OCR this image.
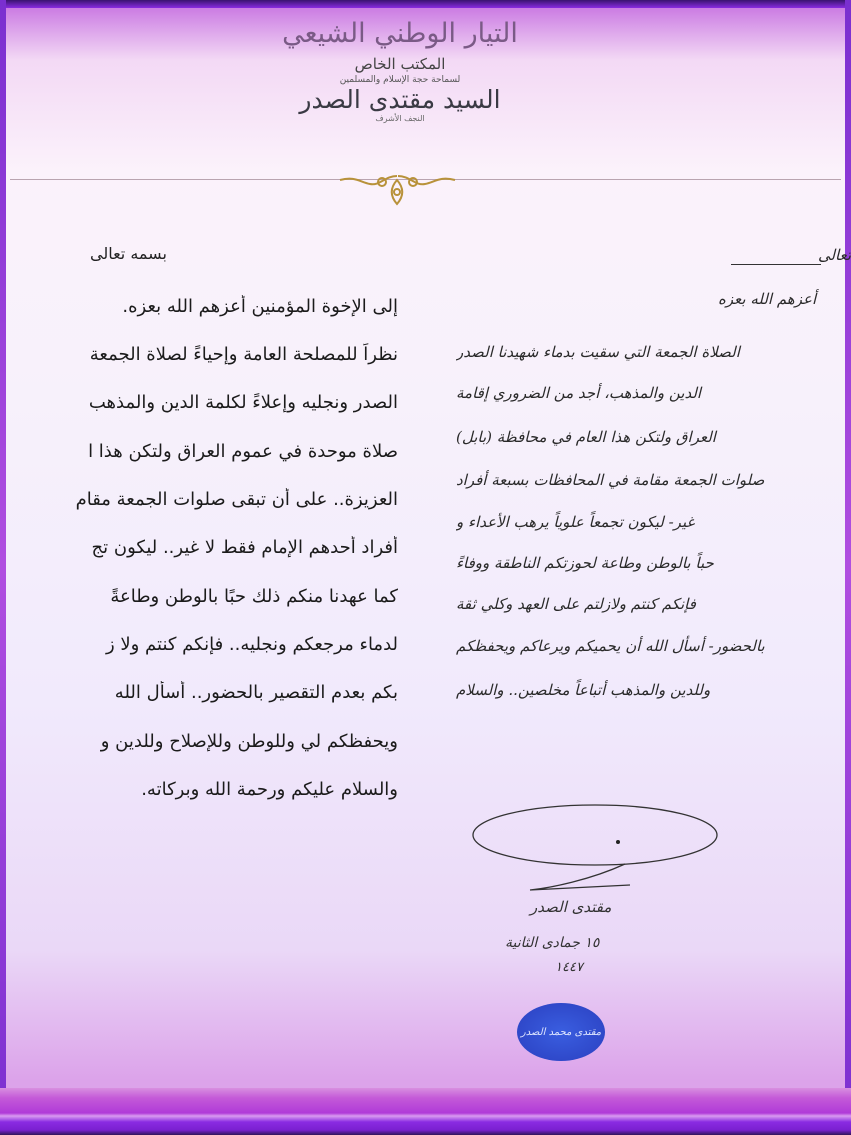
التيار الوطني الشيعي
المكتب الخاص
لسماحة حجة الإسلام والمسلمين
السيد مقتدى الصدر
النجف الأشرف
بسمه تعالى
إلى الإخوة المؤمنين أعزهم الله بعزه.
نظراً للمصلحة العامة وإحياءً لصلاة الجمعة
الصدر ونجليه وإعلاءً لكلمة الدين والمذهب
صلاة موحدة في عموم العراق ولتكن هذا ا
العزيزة.. على أن تبقى صلوات الجمعة مقام
أفراد أحدهم الإمام فقط لا غير.. ليكون تج
كما عهدنا منكم ذلك حبًا بالوطن وطاعةً
لدماء مرجعكم ونجليه.. فإنكم كنتم ولا ز
بكم بعدم التقصير بالحضور.. أسأل الله
ويحفظكم لي وللوطن وللإصلاح وللدين و
والسلام عليكم ورحمة الله وبركاته.
تعالى
أعزهم الله بعزه
الصلاة الجمعة التي سقيت بدماء شهيدنا الصدر
الدين والمذهب، أجد من الضروري إقامة
العراق ولتكن هذا العام في محافظة (بابل)
صلوات الجمعة مقامة في المحافظات بسبعة أفراد
غير- ليكون تجمعاً علوياً يرهب الأعداء و
حباً بالوطن وطاعة لحوزتكم الناطقة ووفاءً
فإنكم كنتم ولازلتم على العهد وكلي ثقة
بالحضور- أسأل الله أن يحميكم ويرعاكم ويحفظكم
وللدين والمذهب أتباعاً مخلصين.. والسلام
مقتدى الصدر
١٥ جمادى الثانية
١٤٤٧
مقتدى محمد الصدر
